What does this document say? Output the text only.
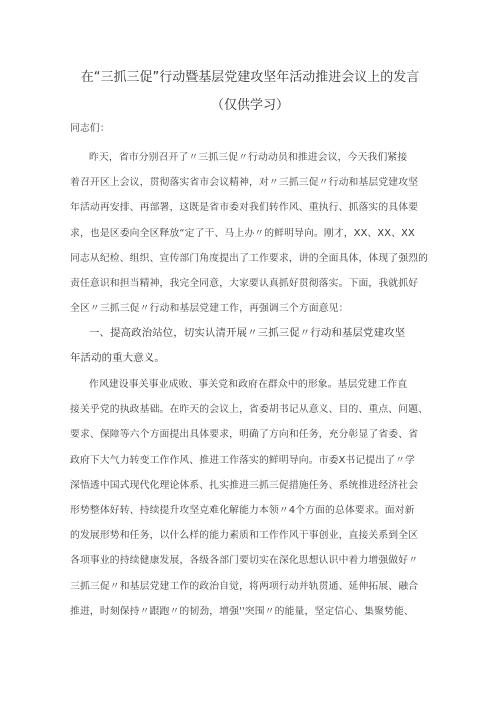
在“三抓三促”行动暨基层党建攻坚年活动推进会议上的发言
（仅供学习）
同志们：
昨天，省市分别召开了〃三抓三促〃行动动员和推进会议，今天我们紧接
着召开区上会议，贯彻落实省市会议精神，对〃三抓三促〃行动和基层党建攻坚
年活动再安排、再部署，这既是省市委对我们转作风、重执行、抓落实的具体要
求，也是区委向全区释放“定了干、马上办〃的鲜明导向。刚才，XX、XX、XX
同志从纪检、组织、宣传部门角度提出了工作要求，讲的全面具体，体现了强烈的
责任意识和担当精神，我完全同意，大家要认真抓好贯彻落实。下面，我就抓好
全区〃三抓三促〃行动和基层党建工作，再强调三个方面意见：
一、提高政治站位，切实认清开展〃三抓三促〃行动和基层党建攻坚
年活动的重大意义。
作风建设事关事业成败、事关党和政府在群众中的形象。基层党建工作直
接关乎党的执政基础。在昨天的会议上，省委胡书记从意义、目的、重点、问题、
要求、保障等六个方面提出具体要求，明确了方向和任务，充分彰显了省委、省
政府下大气力转变工作作风、推进工作落实的鲜明导向。市委X书记提出了〃学
深悟透中国式现代化理论体系、扎实推进三抓三促措施任务、系统推进经济社会
形势整体好转、持续提升攻坚克难化解能力本领〃4个方面的总体要求。面对新
的发展形势和任务，以什么样的能力素质和工作作风干事创业，直接关系到全区
各项事业的持续健康发展，各级各部门要切实在深化思想认识中着力增强做好〃
三抓三促〃和基层党建工作的政治自觉，将两项行动并轨贯通、延伸拓展、融合
推进，时刻保持〃跟跑〃的韧劲，增强''突围〃的能量，坚定信心、集聚势能、
